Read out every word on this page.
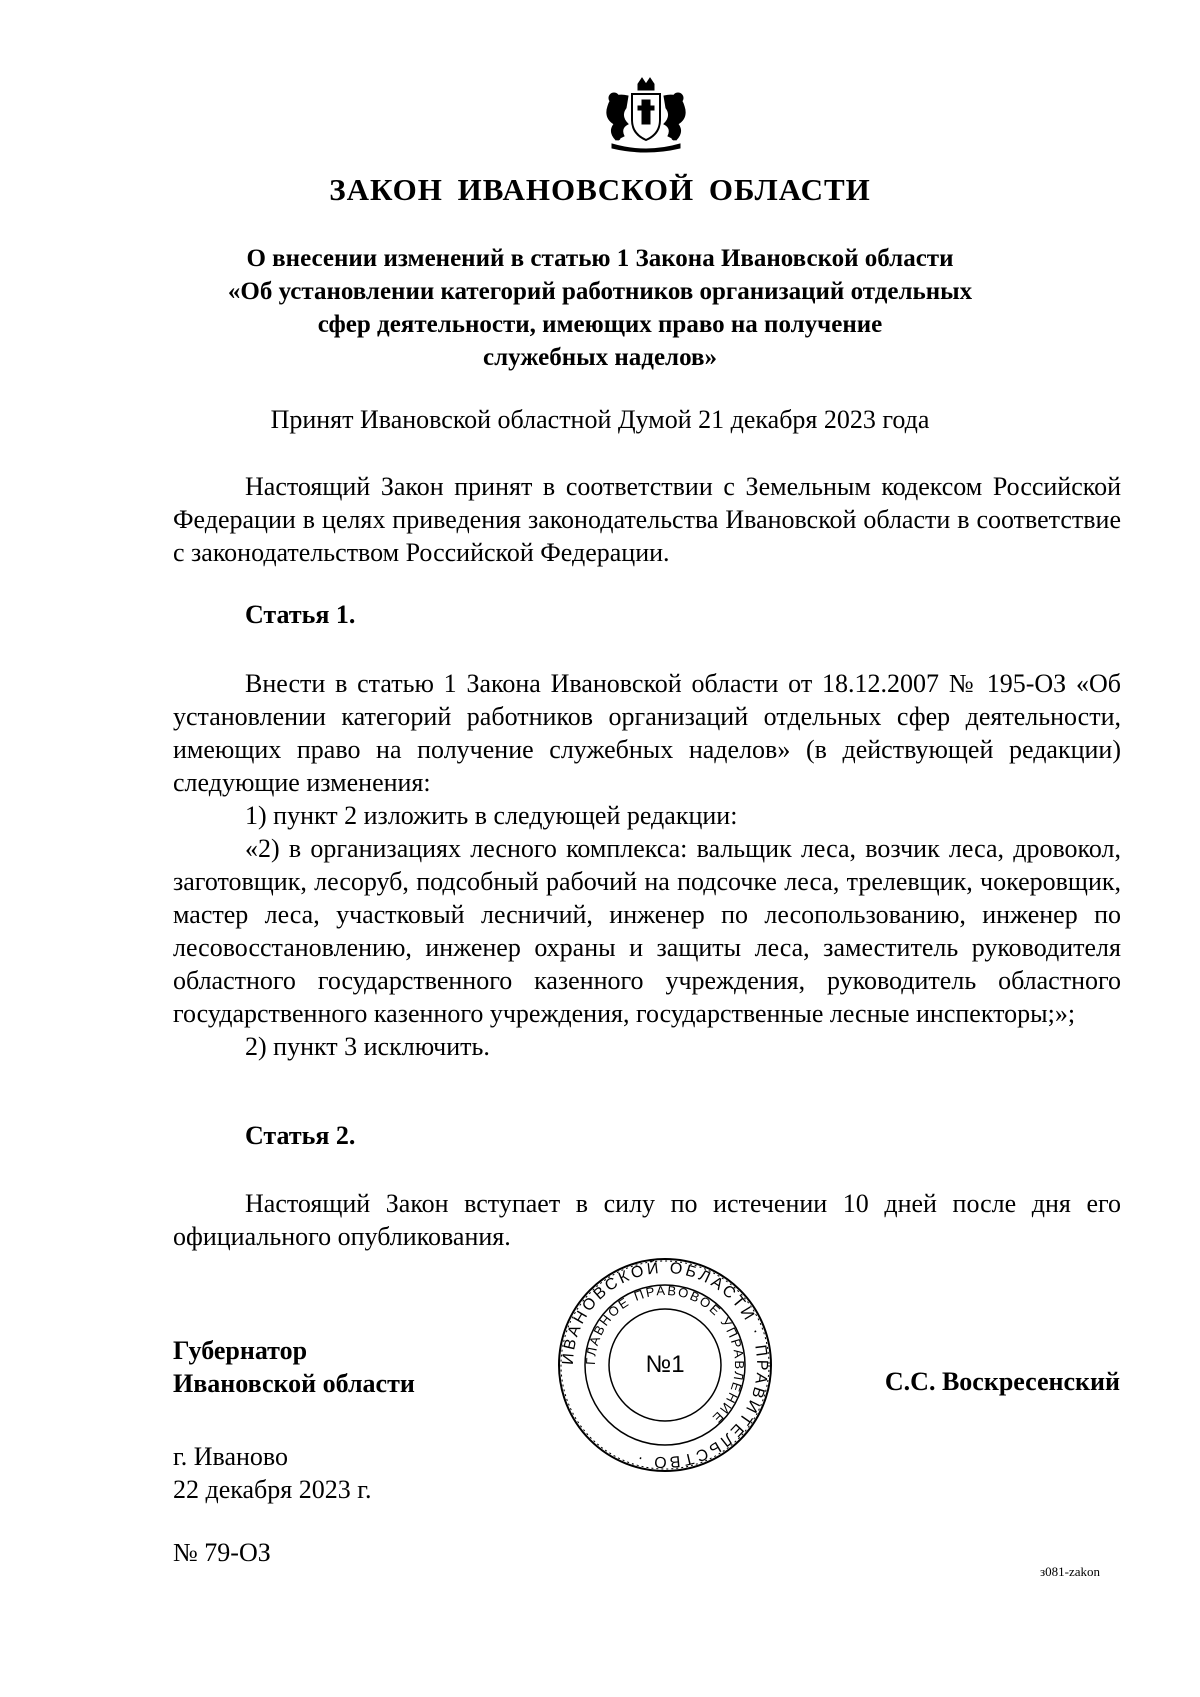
ЗАКОН ИВАНОВСКОЙ ОБЛАСТИ
О внесении изменений в статью 1 Закона Ивановской области
«Об установлении категорий работников организаций отдельных
сфер деятельности, имеющих право на получение
служебных наделов»
Принят Ивановской областной Думой 21 декабря 2023 года

Настоящий Закон принят в соответствии с Земельным кодексом Российской Федерации в целях приведения законодательства Ивановской области в соответствие с законодательством Российской Федерации.

Статья 1.

Внести в статью 1 Закона Ивановской области от 18.12.2007 № 195-ОЗ «Об установлении категорий работников организаций отдельных сфер деятельности, имеющих право на получение служебных наделов» (в действующей редакции) следующие изменения:

1) пункт 2 изложить в следующей редакции:

«2) в организациях лесного комплекса: вальщик леса, возчик леса, дровокол, заготовщик, лесоруб, подсобный рабочий на подсочке леса, трелевщик, чокеровщик, мастер леса, участковый лесничий, инженер по лесопользованию, инженер по лесовосстановлению, инженер охраны и защиты леса, заместитель руководителя областного государственного казенного учреждения, руководитель областного государственного казенного учреждения, государственные лесные инспекторы;»;

2) пункт 3 исключить.

Статья 2.

Настоящий Закон вступает в силу по истечении 10 дней после дня его официального опубликования.

Губернатор
Ивановской области
ИВАНОВСКОЙ ОБЛАСТИ · ПРАВИТЕЛЬСТВО ·
ГЛАВНОЕ ПРАВОВОЕ УПРАВЛЕНИЕ
№1
С.С. Воскресенский
г. Иваново
22 декабря 2023 г.
№ 79-ОЗ
з081-zakon
